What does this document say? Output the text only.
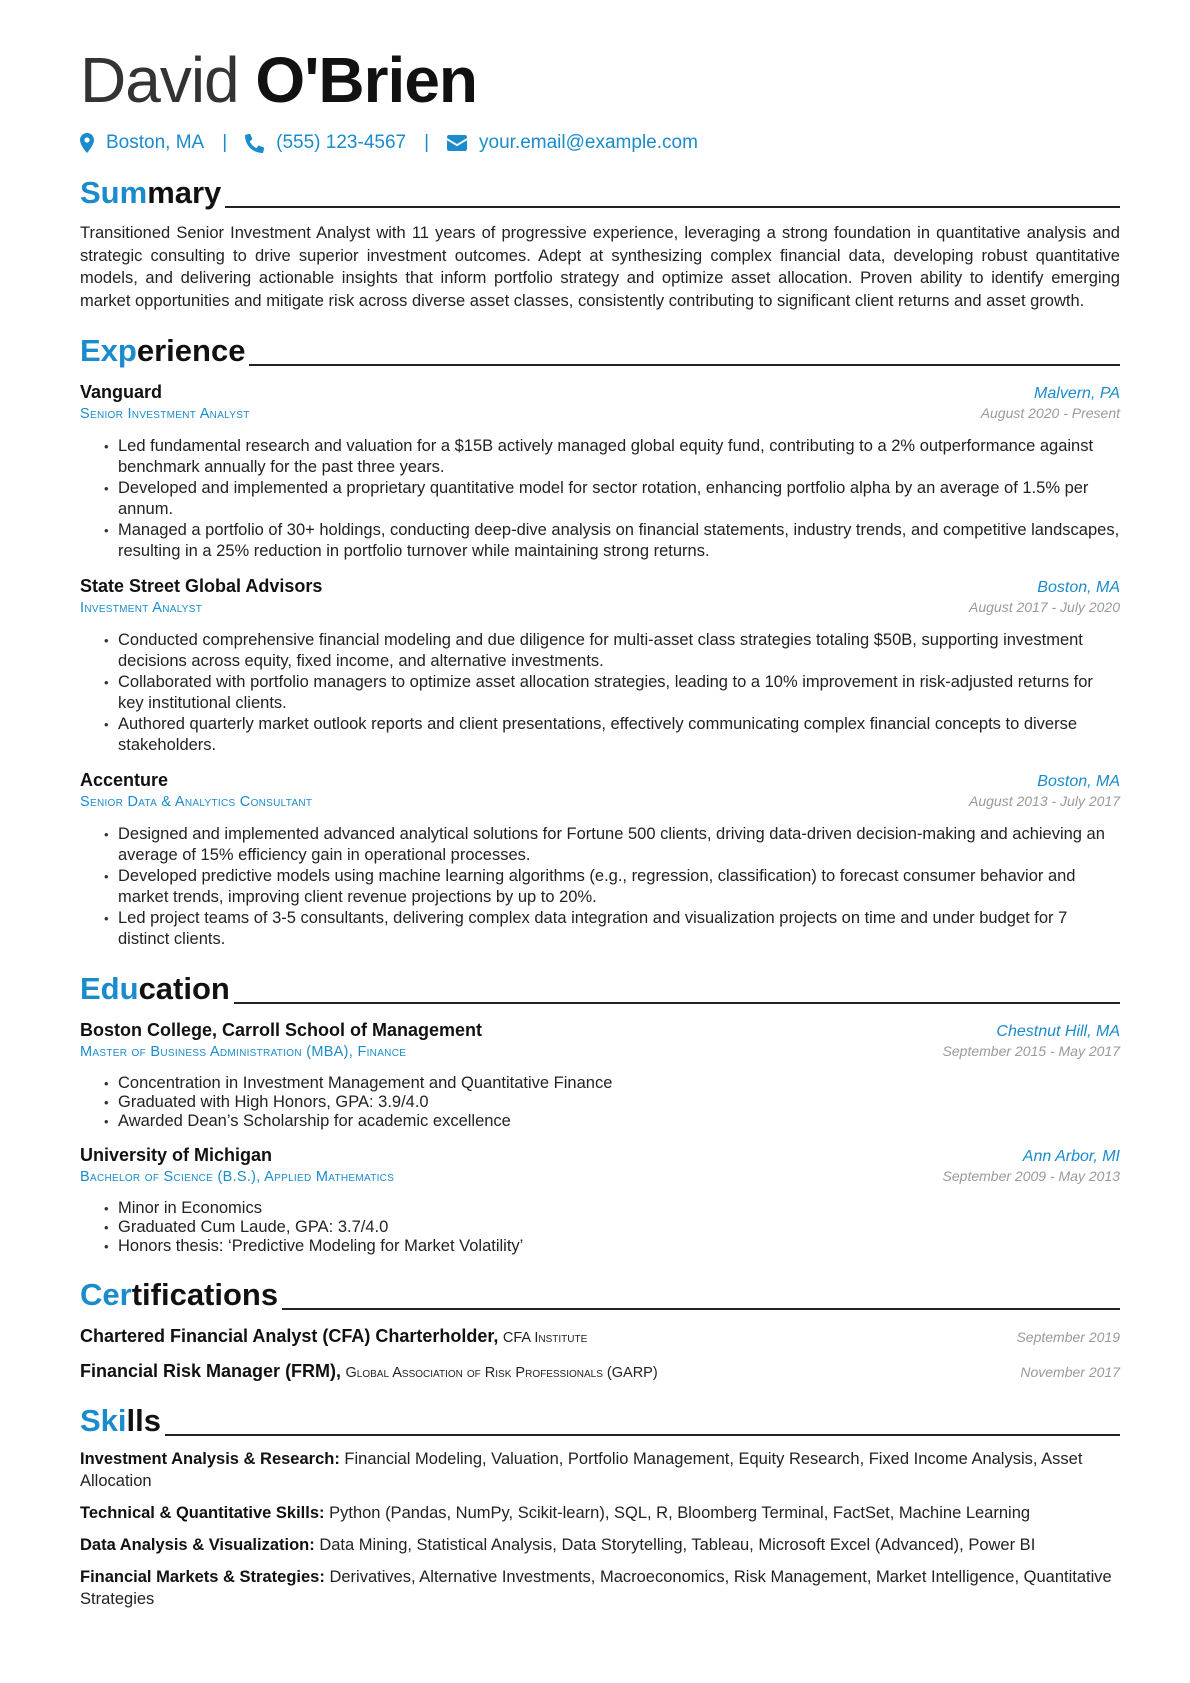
David O'Brien
Boston, MA |	(555) 123-4567 |	your.email@example.com
Summary

Transitioned Senior Investment Analyst with 11 years of progressive experience, leveraging a strong foundation in quantitative analysis and strategic consulting to drive superior investment outcomes. Adept at synthesizing complex financial data, developing robust quantitative models, and delivering actionable insights that inform portfolio strategy and optimize asset allocation. Proven ability to identify emerging market opportunities and mitigate risk across diverse asset classes, consistently contributing to significant client returns and asset growth.

Experience
Vanguard	Malvern, PA
Senior Investment Analyst	August 2020 - Present
• Led fundamental research and valuation for a $15B actively managed global equity fund, contributing to a 2% outperformance against benchmark annually for the past three years.
• Developed and implemented a proprietary quantitative model for sector rotation, enhancing portfolio alpha by an average of 1.5% per annum.
• Managed a portfolio of 30+ holdings, conducting deep-dive analysis on financial statements, industry trends, and competitive landscapes, resulting in a 25% reduction in portfolio turnover while maintaining strong returns.
State Street Global Advisors	Boston, MA
Investment Analyst	August 2017 - July 2020
• Conducted comprehensive financial modeling and due diligence for multi-asset class strategies totaling $50B, supporting investment decisions across equity, fixed income, and alternative investments.
• Collaborated with portfolio managers to optimize asset allocation strategies, leading to a 10% improvement in risk-adjusted returns for key institutional clients.
• Authored quarterly market outlook reports and client presentations, effectively communicating complex financial concepts to diverse stakeholders.
Accenture	Boston, MA
Senior Data & Analytics Consultant	August 2013 - July 2017
• Designed and implemented advanced analytical solutions for Fortune 500 clients, driving data-driven decision-making and achieving an average of 15% efficiency gain in operational processes.
• Developed predictive models using machine learning algorithms (e.g., regression, classification) to forecast consumer behavior and market trends, improving client revenue projections by up to 20%.
• Led project teams of 3-5 consultants, delivering complex data integration and visualization projects on time and under budget for 7 distinct clients.
Education
Boston College, Carroll School of Management	Chestnut Hill, MA
Master of Business Administration (MBA), Finance	September 2015 - May 2017
• Concentration in Investment Management and Quantitative Finance
• Graduated with High Honors, GPA: 3.9/4.0
• Awarded Dean’s Scholarship for academic excellence
University of Michigan	Ann Arbor, MI
Bachelor of Science (B.S.), Applied Mathematics	September 2009 - May 2013
• Minor in Economics
• Graduated Cum Laude, GPA: 3.7/4.0
• Honors thesis: ‘Predictive Modeling for Market Volatility’
Certifications
Chartered Financial Analyst (CFA) Charterholder, CFA Institute	September 2019
Financial Risk Manager (FRM), Global Association of Risk Professionals (GARP)	November 2017
Skills
Investment Analysis & Research: Financial Modeling, Valuation, Portfolio Management, Equity Research, Fixed Income Analysis, Asset Allocation
Technical & Quantitative Skills: Python (Pandas, NumPy, Scikit-learn), SQL, R, Bloomberg Terminal, FactSet, Machine Learning
Data Analysis & Visualization: Data Mining, Statistical Analysis, Data Storytelling, Tableau, Microsoft Excel (Advanced), Power BI
Financial Markets & Strategies: Derivatives, Alternative Investments, Macroeconomics, Risk Management, Market Intelligence, Quantitative Strategies
